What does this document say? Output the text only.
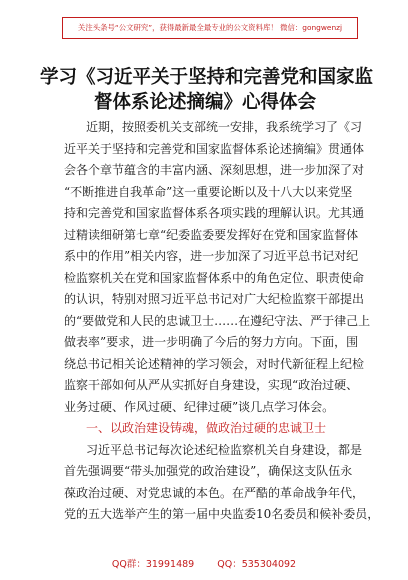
关注头条号“公文研究”，获得最新最全最专业的公文资料库！ 微信：gongwenzj
学习《习近平关于坚持和完善党和国家监
督体系论述摘编》心得体会
近期，按照委机关支部统一安排，我系统学习了《习
近平关于坚持和完善党和国家监督体系论述摘编》贯通体
会各个章节蕴含的丰富内涵、深刻思想，进一步加深了对
“不断推进自我革命”这一重要论断以及十八大以来党坚
持和完善党和国家监督体系各项实践的理解认识。尤其通
过精读细研第七章“纪委监委要发挥好在党和国家监督体
系中的作用”相关内容，进一步加深了习近平总书记对纪
检监察机关在党和国家监督体系中的角色定位、职责使命
的认识，特别对照习近平总书记对广大纪检监察干部提出
的“要做党和人民的忠诚卫士……在遵纪守法、严于律己上
做表率”要求，进一步明确了今后的努力方向。下面，围
绕总书记相关论述精神的学习领会，对时代新征程上纪检
监察干部如何从严从实抓好自身建设，实现“政治过硬、
业务过硬、作风过硬、纪律过硬”谈几点学习体会。
一、以政治建设铸魂，做政治过硬的忠诚卫士
习近平总书记每次论述纪检监察机关自身建设，都是
首先强调要“带头加强党的政治建设”，确保这支队伍永
葆政治过硬、对党忠诚的本色。在严酷的革命战争年代，
党的五大选举产生的第一届中央监委10名委员和候补委员，
QQ群：31991489 QQ：535304092
